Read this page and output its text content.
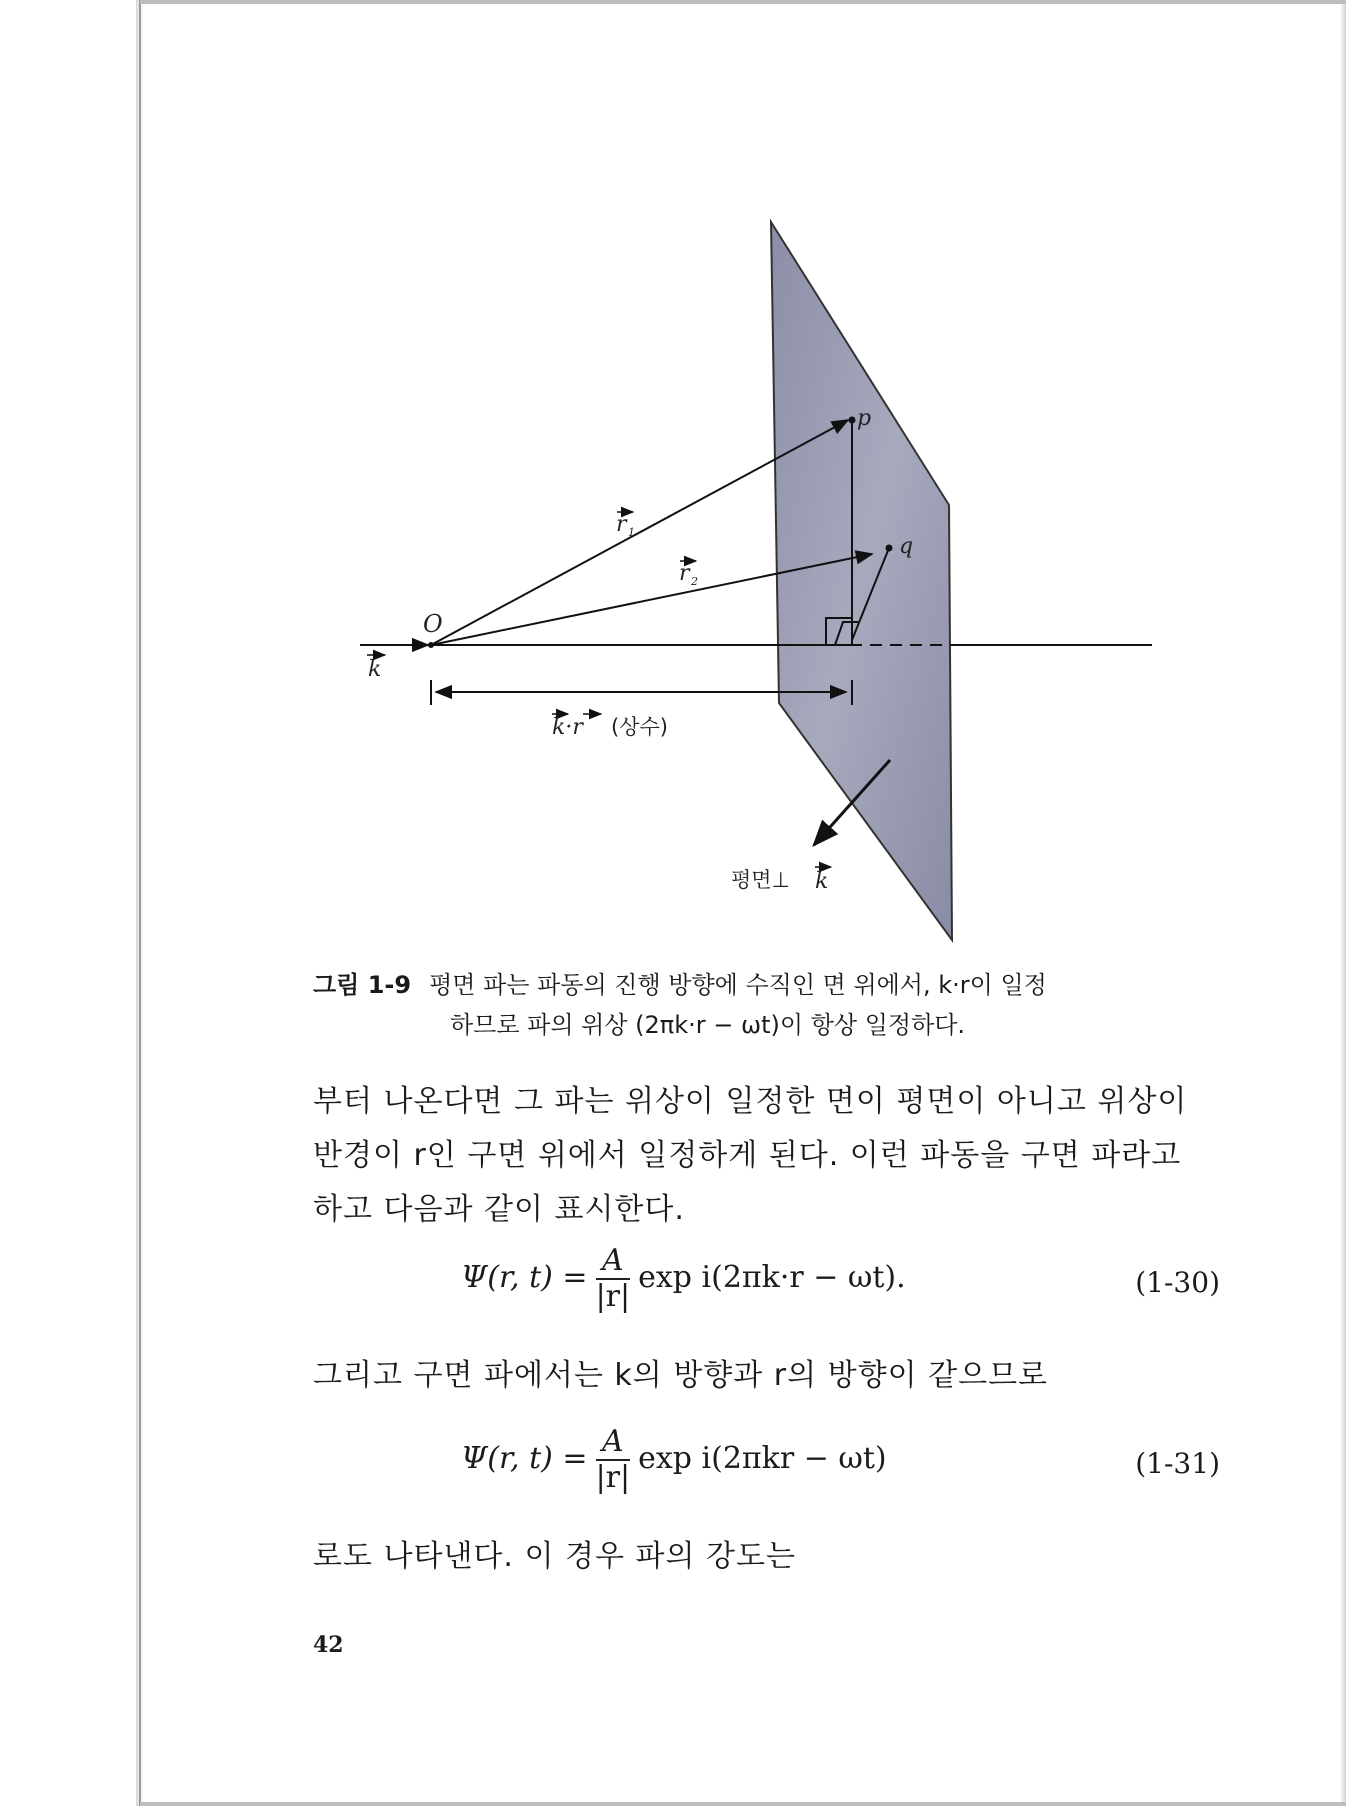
p
q
O
r 1
r 2
k
k·r (상수)
평면⊥ k
그림 1-9 평면 파는 파동의 진행 방향에 수직인 면 위에서, k·r이 일정
하므로 파의 위상 (2πk·r − ωt)이 항상 일정하다.
부터 나온다면 그 파는 위상이 일정한 면이 평면이 아니고 위상이 반경이 r인 구면 위에서 일정하게 된다. 이런 파동을 구면 파라고 하고 다음과 같이 표시한다.
Ψ(r, $t) = \frac{A}{|r|}$ exp i(2πk·r − ωt).	(1-30)
그리고 구면 파에서는 k의 방향과 r의 방향이 같으므로
Ψ(r, $t) = \frac{A}{|r|}$ exp i(2πkr − ωt)	(1-31)
로도 나타낸다. 이 경우 파의 강도는
42
